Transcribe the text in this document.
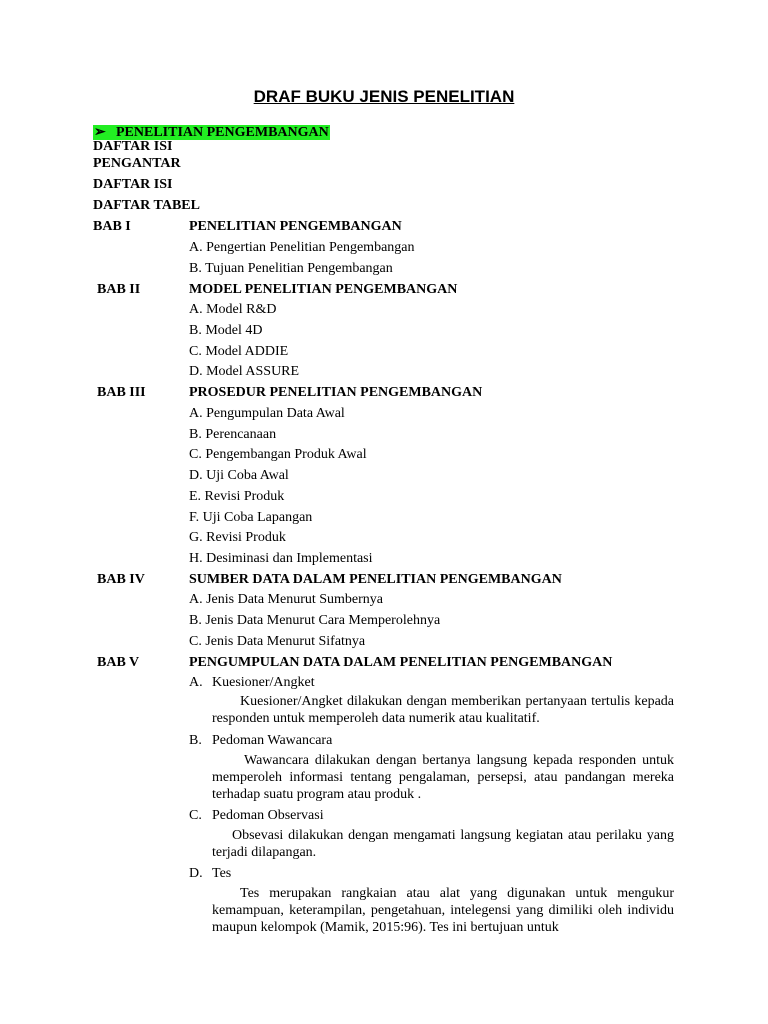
DRAF BUKU JENIS PENELITIAN
➢ PENELITIAN PENGEMBANGAN
DAFTAR ISI
PENGANTAR
DAFTAR ISI
DAFTAR TABEL
BAB I	PENELITIAN PENGEMBANGAN
A. Pengertian Penelitian Pengembangan
B. Tujuan Penelitian Pengembangan
BAB II	MODEL PENELITIAN PENGEMBANGAN
A. Model R&D
B. Model 4D
C. Model ADDIE
D. Model ASSURE
BAB III	PROSEDUR PENELITIAN PENGEMBANGAN
A. Pengumpulan Data Awal
B. Perencanaan
C. Pengembangan Produk Awal
D. Uji Coba Awal
E. Revisi Produk
F. Uji Coba Lapangan
G. Revisi Produk
H. Desiminasi dan Implementasi
BAB IV	SUMBER DATA DALAM PENELITIAN PENGEMBANGAN
A. Jenis Data Menurut Sumbernya
B. Jenis Data Menurut Cara Memperolehnya
C. Jenis Data Menurut Sifatnya
BAB V	PENGUMPULAN DATA DALAM PENELITIAN PENGEMBANGAN
A. Kuesioner/Angket
Kuesioner/Angket dilakukan dengan memberikan pertanyaan tertulis kepada responden untuk memperoleh data numerik atau kualitatif.
B. Pedoman Wawancara
Wawancara dilakukan dengan bertanya langsung kepada responden untuk memperoleh informasi tentang pengalaman, persepsi, atau pandangan mereka terhadap suatu program atau produk .
C. Pedoman Observasi
Obsevasi dilakukan dengan mengamati langsung kegiatan atau perilaku yang terjadi dilapangan.
D. Tes
Tes merupakan rangkaian atau alat yang digunakan untuk mengukur kemampuan, keterampilan, pengetahuan, intelegensi yang dimiliki oleh individu maupun kelompok (Mamik, 2015:96). Tes ini bertujuan untuk
